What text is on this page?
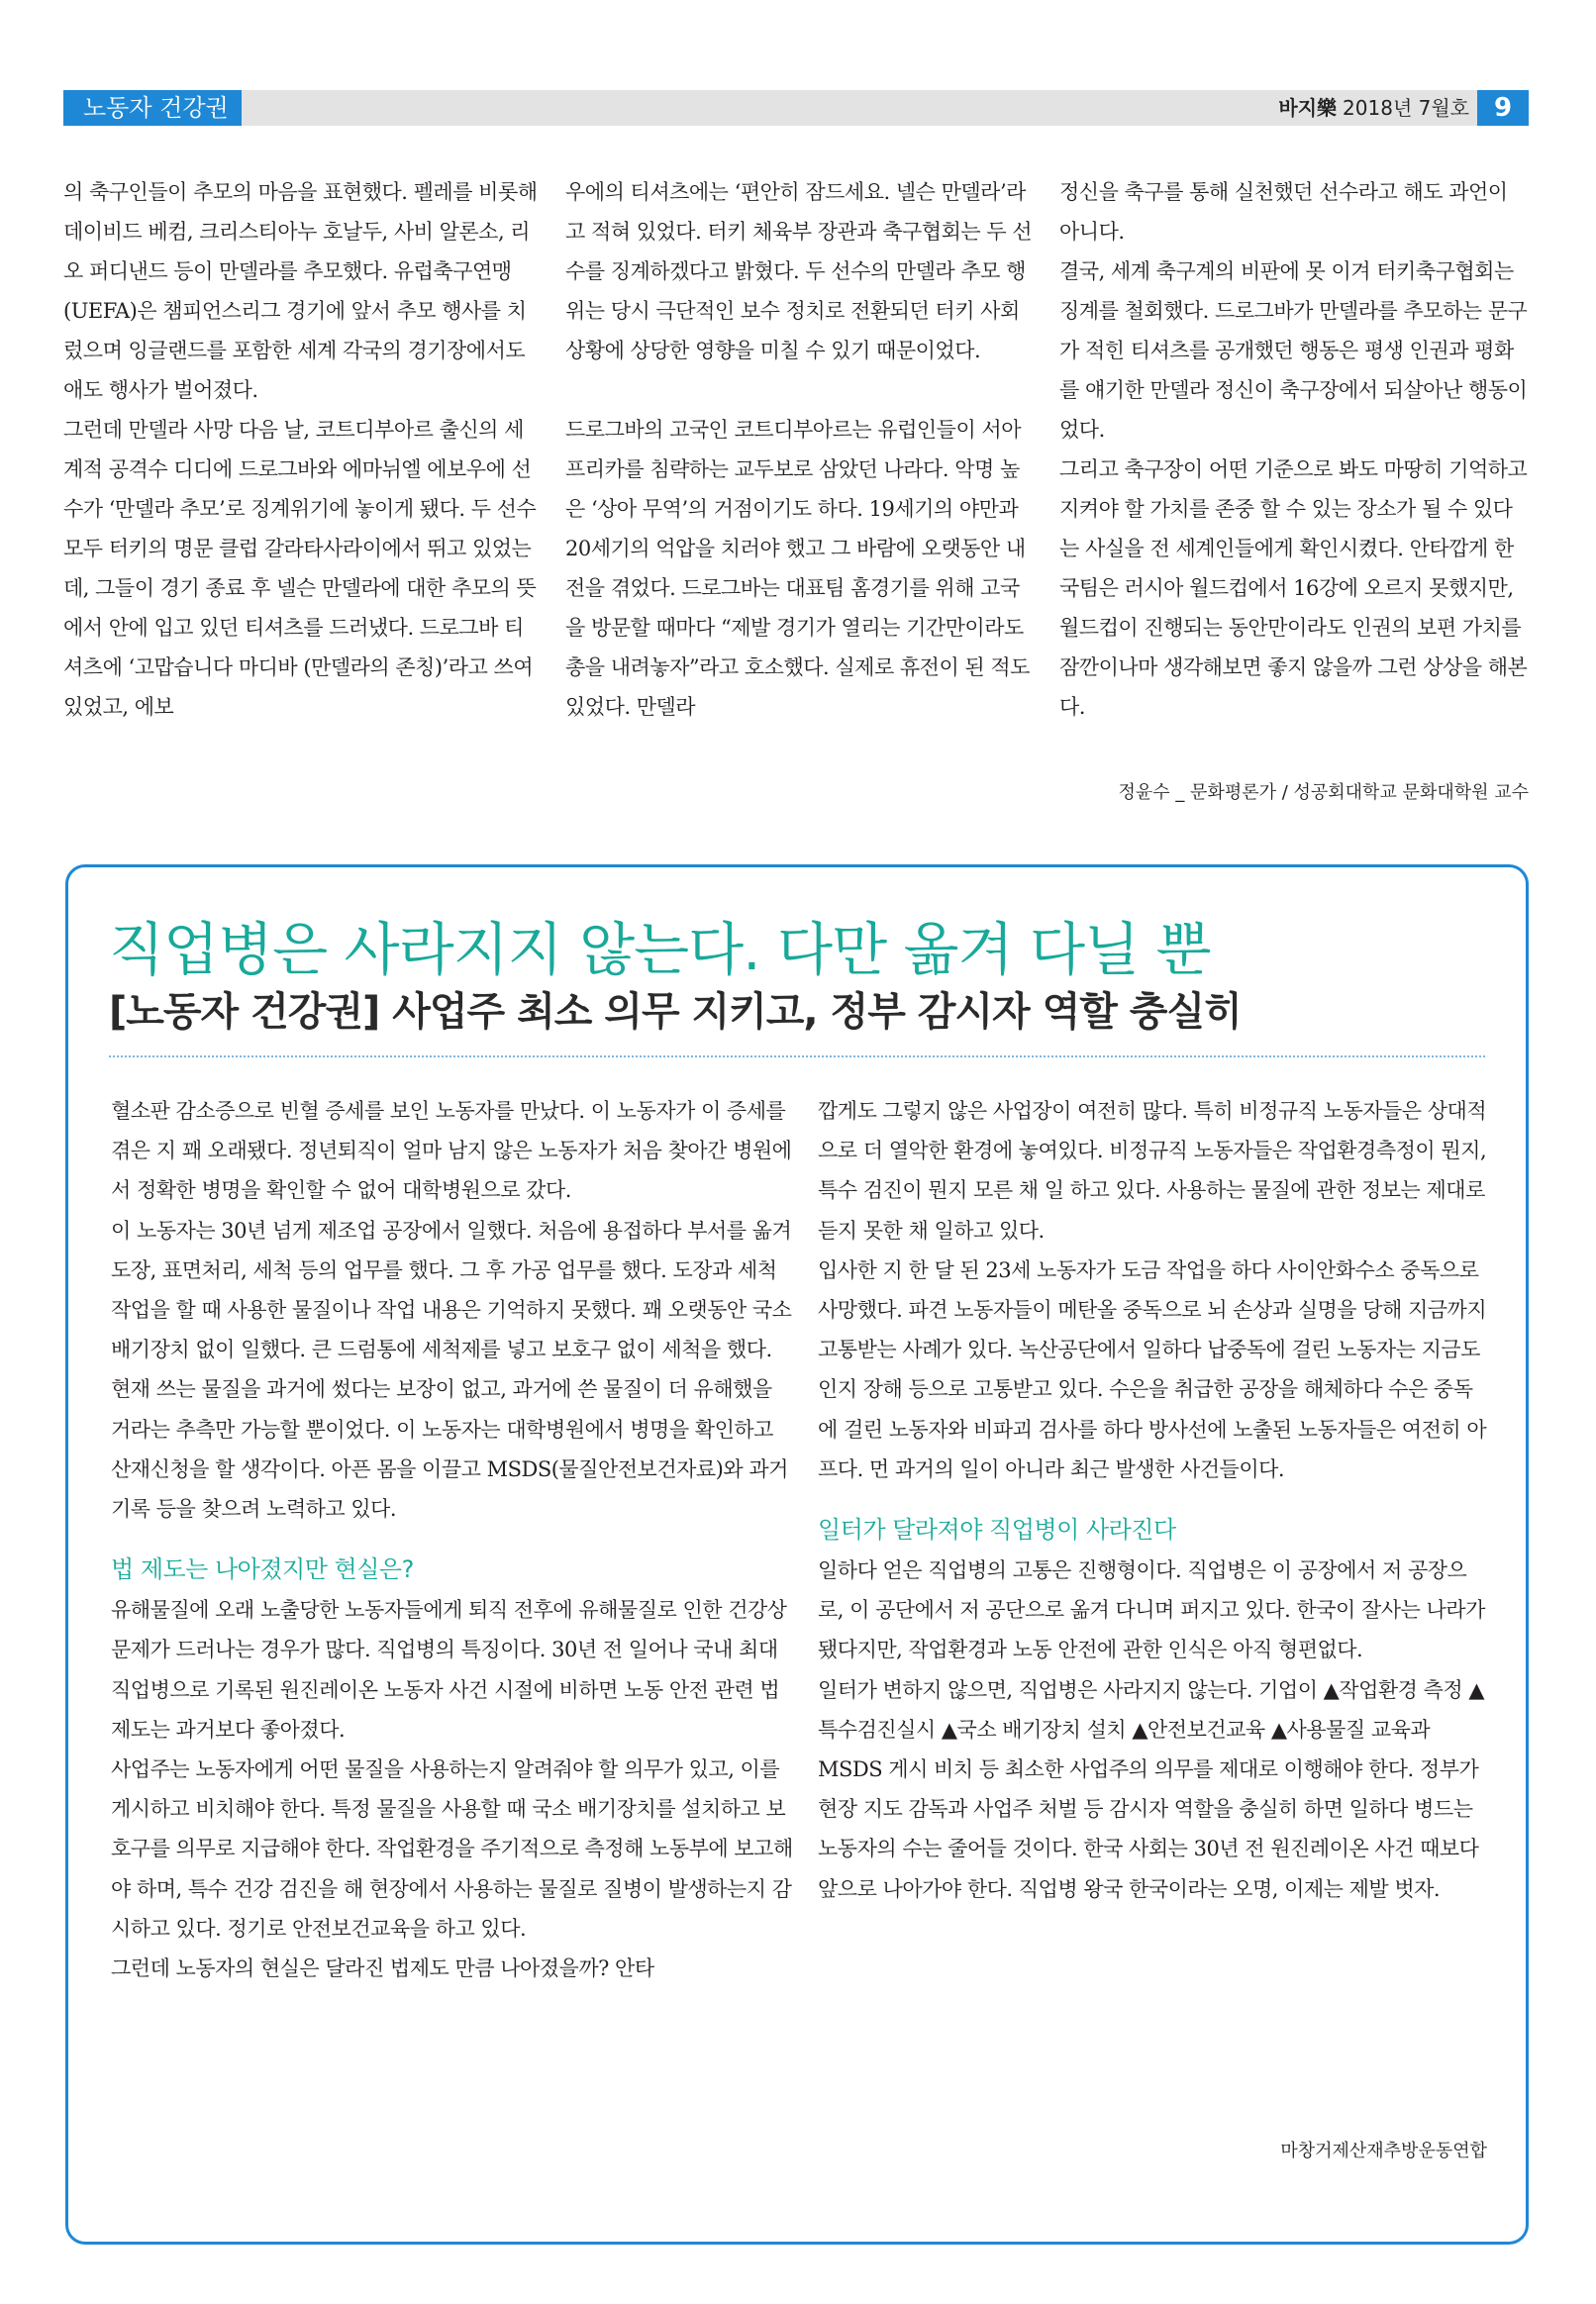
노동자 건강권	바지樂 2018년 7월호 9

의 축구인들이 추모의 마음을 표현했다. 펠레를 비롯해 데이비드 베컴, 크리스티아누 호날두, 사비 알론소, 리오 퍼디낸드 등이 만델라를 추모했다. 유럽축구연맹(UEFA)은 챔피언스리그 경기에 앞서 추모 행사를 치렀으며 잉글랜드를 포함한 세계 각국의 경기장에서도 애도 행사가 벌어졌다.

그런데 만델라 사망 다음 날, 코트디부아르 출신의 세계적 공격수 디디에 드로그바와 에마뉘엘 에보우에 선수가 ‘만델라 추모’로 징계위기에 놓이게 됐다. 두 선수 모두 터키의 명문 클럽 갈라타사라이에서 뛰고 있었는데, 그들이 경기 종료 후 넬슨 만델라에 대한 추모의 뜻에서 안에 입고 있던 티셔츠를 드러냈다. 드로그바 티셔츠에 ‘고맙습니다 마디바 (만델라의 존칭)’라고 쓰여 있었고, 에보

우에의 티셔츠에는 ‘편안히 잠드세요. 넬슨 만델라’라고 적혀 있었다. 터키 체육부 장관과 축구협회는 두 선수를 징계하겠다고 밝혔다. 두 선수의 만델라 추모 행위는 당시 극단적인 보수 정치로 전환되던 터키 사회 상황에 상당한 영향을 미칠 수 있기 때문이었다.

드로그바의 고국인 코트디부아르는 유럽인들이 서아프리카를 침략하는 교두보로 삼았던 나라다. 악명 높은 ‘상아 무역’의 거점이기도 하다. 19세기의 야만과 20세기의 억압을 치러야 했고 그 바람에 오랫동안 내전을 겪었다. 드로그바는 대표팀 홈경기를 위해 고국을 방문할 때마다 “제발 경기가 열리는 기간만이라도 총을 내려놓자”라고 호소했다. 실제로 휴전이 된 적도 있었다. 만델라

정신을 축구를 통해 실천했던 선수라고 해도 과언이 아니다.

결국, 세계 축구계의 비판에 못 이겨 터키축구협회는 징계를 철회했다. 드로그바가 만델라를 추모하는 문구가 적힌 티셔츠를 공개했던 행동은 평생 인권과 평화를 얘기한 만델라 정신이 축구장에서 되살아난 행동이었다.

그리고 축구장이 어떤 기준으로 봐도 마땅히 기억하고 지켜야 할 가치를 존중 할 수 있는 장소가 될 수 있다는 사실을 전 세계인들에게 확인시켰다. 안타깝게 한국팀은 러시아 월드컵에서 16강에 오르지 못했지만, 월드컵이 진행되는 동안만이라도 인권의 보편 가치를 잠깐이나마 생각해보면 좋지 않을까 그런 상상을 해본다.

정윤수 _ 문화평론가 / 성공회대학교 문화대학원 교수
직업병은 사라지지 않는다. 다만 옮겨 다닐 뿐
[노동자 건강권] 사업주 최소 의무 지키고, 정부 감시자 역할 충실히

혈소판 감소증으로 빈혈 증세를 보인 노동자를 만났다. 이 노동자가 이 증세를 겪은 지 꽤 오래됐다. 정년퇴직이 얼마 남지 않은 노동자가 처음 찾아간 병원에서 정확한 병명을 확인할 수 없어 대학병원으로 갔다.

이 노동자는 30년 넘게 제조업 공장에서 일했다. 처음에 용접하다 부서를 옮겨 도장, 표면처리, 세척 등의 업무를 했다. 그 후 가공 업무를 했다. 도장과 세척 작업을 할 때 사용한 물질이나 작업 내용은 기억하지 못했다. 꽤 오랫동안 국소 배기장치 없이 일했다. 큰 드럼통에 세척제를 넣고 보호구 없이 세척을 했다. 현재 쓰는 물질을 과거에 썼다는 보장이 없고, 과거에 쓴 물질이 더 유해했을 거라는 추측만 가능할 뿐이었다. 이 노동자는 대학병원에서 병명을 확인하고 산재신청을 할 생각이다. 아픈 몸을 이끌고 MSDS(물질안전보건자료)와 과거 기록 등을 찾으려 노력하고 있다.

법 제도는 나아졌지만 현실은?

유해물질에 오래 노출당한 노동자들에게 퇴직 전후에 유해물질로 인한 건강상 문제가 드러나는 경우가 많다. 직업병의 특징이다. 30년 전 일어나 국내 최대 직업병으로 기록된 원진레이온 노동자 사건 시절에 비하면 노동 안전 관련 법 제도는 과거보다 좋아졌다.

사업주는 노동자에게 어떤 물질을 사용하는지 알려줘야 할 의무가 있고, 이를 게시하고 비치해야 한다. 특정 물질을 사용할 때 국소 배기장치를 설치하고 보호구를 의무로 지급해야 한다. 작업환경을 주기적으로 측정해 노동부에 보고해야 하며, 특수 건강 검진을 해 현장에서 사용하는 물질로 질병이 발생하는지 감시하고 있다. 정기로 안전보건교육을 하고 있다.

그런데 노동자의 현실은 달라진 법제도 만큼 나아졌을까? 안타

깝게도 그렇지 않은 사업장이 여전히 많다. 특히 비정규직 노동자들은 상대적으로 더 열악한 환경에 놓여있다. 비정규직 노동자들은 작업환경측정이 뭔지, 특수 검진이 뭔지 모른 채 일 하고 있다. 사용하는 물질에 관한 정보는 제대로 듣지 못한 채 일하고 있다.

입사한 지 한 달 된 23세 노동자가 도금 작업을 하다 사이안화수소 중독으로 사망했다. 파견 노동자들이 메탄올 중독으로 뇌 손상과 실명을 당해 지금까지 고통받는 사례가 있다. 녹산공단에서 일하다 납중독에 걸린 노동자는 지금도 인지 장해 등으로 고통받고 있다. 수은을 취급한 공장을 해체하다 수은 중독에 걸린 노동자와 비파괴 검사를 하다 방사선에 노출된 노동자들은 여전히 아프다. 먼 과거의 일이 아니라 최근 발생한 사건들이다.

일터가 달라져야 직업병이 사라진다

일하다 얻은 직업병의 고통은 진행형이다. 직업병은 이 공장에서 저 공장으로, 이 공단에서 저 공단으로 옮겨 다니며 퍼지고 있다. 한국이 잘사는 나라가 됐다지만, 작업환경과 노동 안전에 관한 인식은 아직 형편없다.

일터가 변하지 않으면, 직업병은 사라지지 않는다. 기업이 ▲작업환경 측정 ▲특수검진실시 ▲국소 배기장치 설치 ▲안전보건교육 ▲사용물질 교육과 MSDS 게시 비치 등 최소한 사업주의 의무를 제대로 이행해야 한다. 정부가 현장 지도 감독과 사업주 처벌 등 감시자 역할을 충실히 하면 일하다 병드는 노동자의 수는 줄어들 것이다. 한국 사회는 30년 전 원진레이온 사건 때보다 앞으로 나아가야 한다. 직업병 왕국 한국이라는 오명, 이제는 제발 벗자.

마창거제산재추방운동연합
